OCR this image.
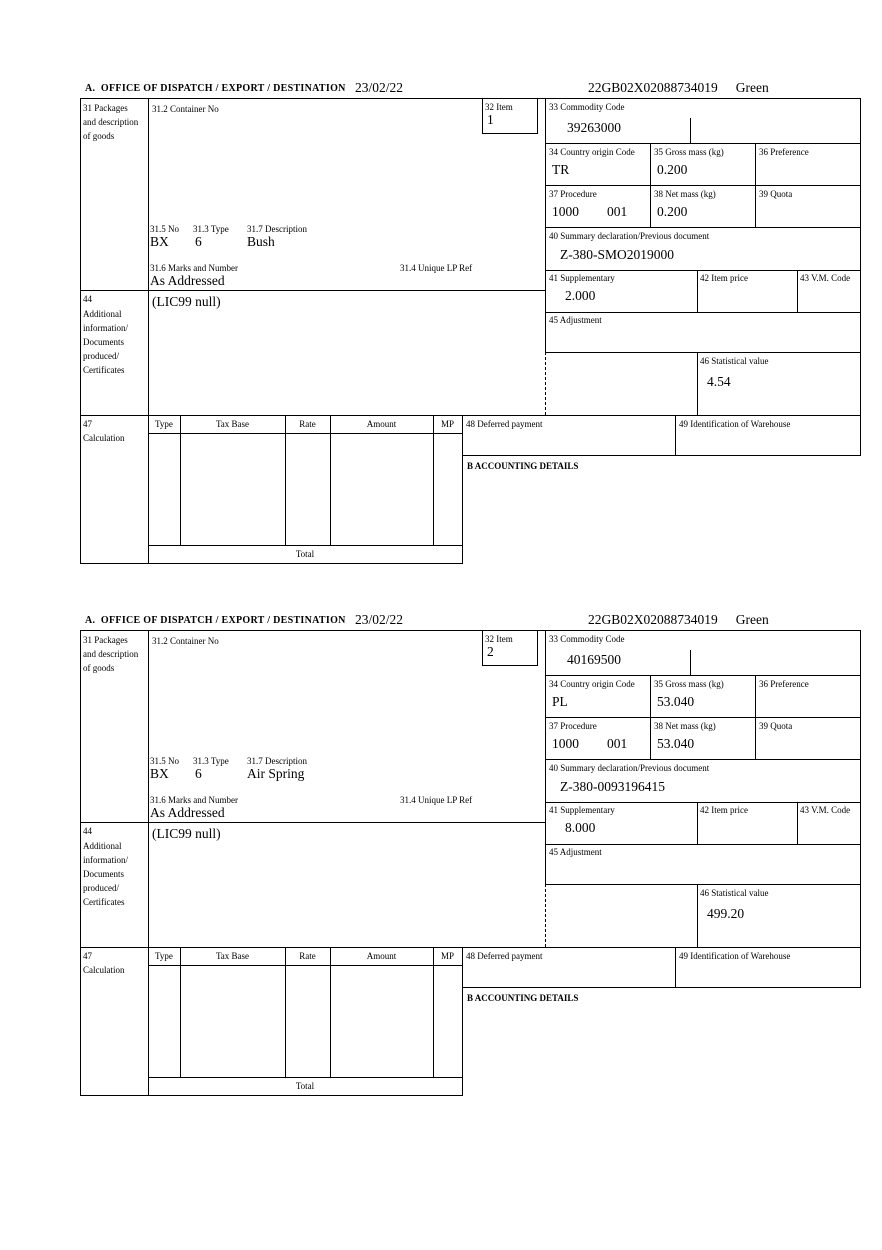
A.  OFFICE OF DISPATCH / EXPORT / DESTINATION 23/02/22	22GB02X02088734019 Green
31 Packages and description of goods
44
Additional information/ Documents produced/ Certificates
47
Calculation
31.2 Container No	32 Item
1
31.5 No 31.3 Type 31.7 Description
BX 6	Bush
31.6 Marks and Number	31.4 Unique LP Ref
As Addressed
(LIC99 null)
33 Commodity Code
39263000
34 Country origin Code
TR
35 Gross mass (kg)
0.200
36 Preference
37 Procedure
1000 001
38 Net mass (kg)
0.200
39 Quota
40 Summary declaration/Previous document
Z-380-SMO2019000
41 Supplementary
2.000
42 Item price	43 V.M. Code
45 Adjustment
46 Statistical value
4.54
Type	Tax Base	Rate	Amount	MP	48 Deferred payment	49 Identification of Warehouse
B ACCOUNTING DETAILS
Total
A.  OFFICE OF DISPATCH / EXPORT / DESTINATION 23/02/22	22GB02X02088734019 Green
31 Packages and description of goods
44
Additional information/ Documents produced/ Certificates
47
Calculation
31.2 Container No	32 Item
2
31.5 No 31.3 Type 31.7 Description
BX 6	Air Spring
31.6 Marks and Number	31.4 Unique LP Ref
As Addressed
(LIC99 null)
33 Commodity Code
40169500
34 Country origin Code
PL
35 Gross mass (kg)
53.040
36 Preference
37 Procedure
1000 001
38 Net mass (kg)
53.040
39 Quota
40 Summary declaration/Previous document
Z-380-0093196415
41 Supplementary
8.000
42 Item price	43 V.M. Code
45 Adjustment
46 Statistical value
499.20
Type	Tax Base	Rate	Amount	MP	48 Deferred payment	49 Identification of Warehouse
B ACCOUNTING DETAILS
Total
